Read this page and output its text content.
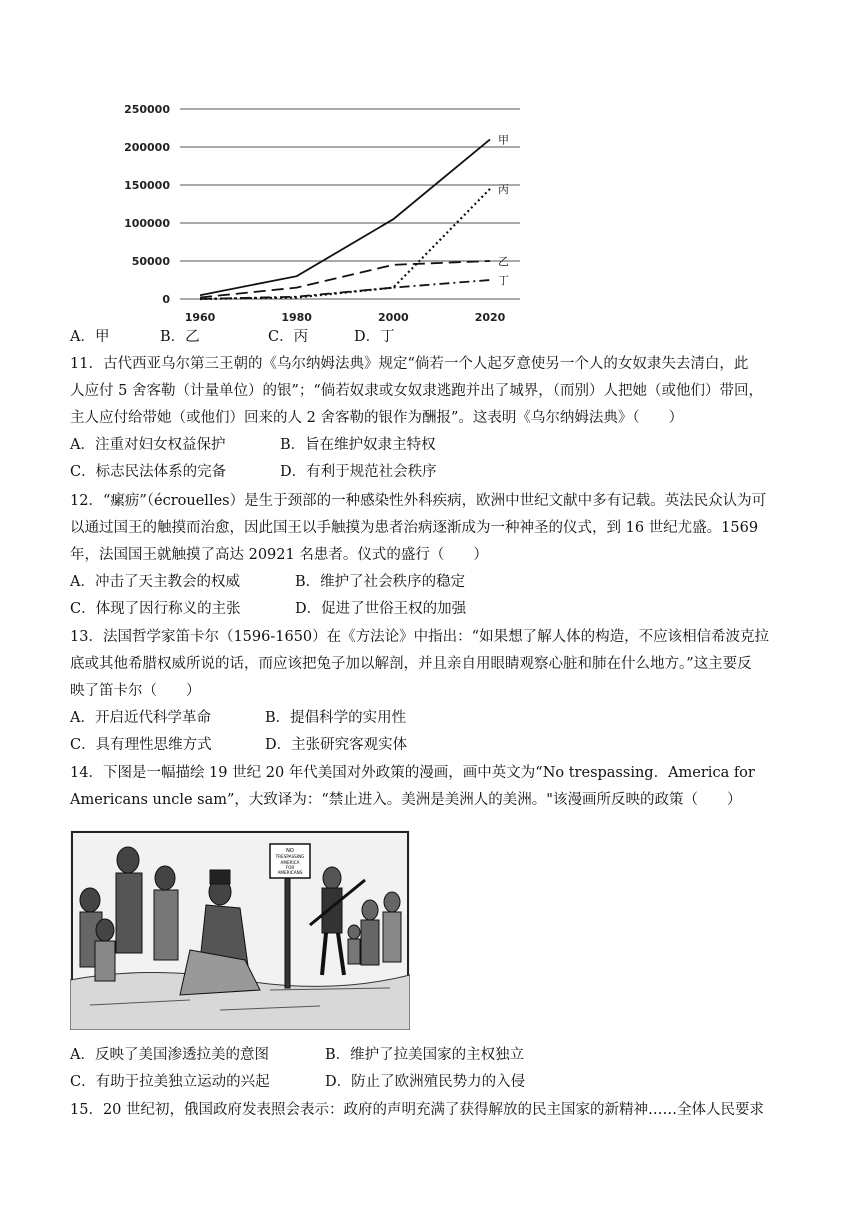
250000
200000
150000
100000
50000
0
1960	1980	2000	2020
甲
丙
乙
丁
A．甲	B．乙	C．丙	D．丁
11．古代西亚乌尔第三王朝的《乌尔纳姆法典》规定“倘若一个人起歹意使另一个人的女奴隶失去清白，此
人应付 5 舍客勒（计量单位）的银”；“倘若奴隶或女奴隶逃跑并出了城界，（而别）人把她（或他们）带回，
主人应付给带她（或他们）回来的人 2 舍客勒的银作为酬报”。这表明《乌尔纳姆法典》（　　）
A．注重对妇女权益保护	B．旨在维护奴隶主特权
C．标志民法体系的完备	D．有利于规范社会秩序
12．“瘰疬”（écrouelles）是生于颈部的一种感染性外科疾病，欧洲中世纪文献中多有记载。英法民众认为可
以通过国王的触摸而治愈，因此国王以手触摸为患者治病逐渐成为一种神圣的仪式，到 16 世纪尤盛。1569
年，法国国王就触摸了高达 20921 名患者。仪式的盛行（　　）
A．冲击了天主教会的权威	B．维护了社会秩序的稳定
C．体现了因行称义的主张	D．促进了世俗王权的加强
13．法国哲学家笛卡尔（1596-1650）在《方法论》中指出：“如果想了解人体的构造，不应该相信希波克拉
底或其他希腊权威所说的话，而应该把兔子加以解剖，并且亲自用眼睛观察心脏和肺在什么地方。”这主要反
映了笛卡尔（　　）
A．开启近代科学革命	B．提倡科学的实用性
C．具有理性思维方式	D．主张研究客观实体
14．下图是一幅描绘 19 世纪 20 年代美国对外政策的漫画，画中英文为“No trespassing．America for
Americans uncle sam”，大致译为：“禁止进入。美洲是美洲人的美洲。"该漫画所反映的政策（　　）
NO
TRESPASSING
AMERICA
FOR
AMERICANS
A．反映了美国渗透拉美的意图	B．维护了拉美国家的主权独立
C．有助于拉美独立运动的兴起	D．防止了欧洲殖民势力的入侵
15．20 世纪初，俄国政府发表照会表示：政府的声明充满了获得解放的民主国家的新精神……全体人民要求
